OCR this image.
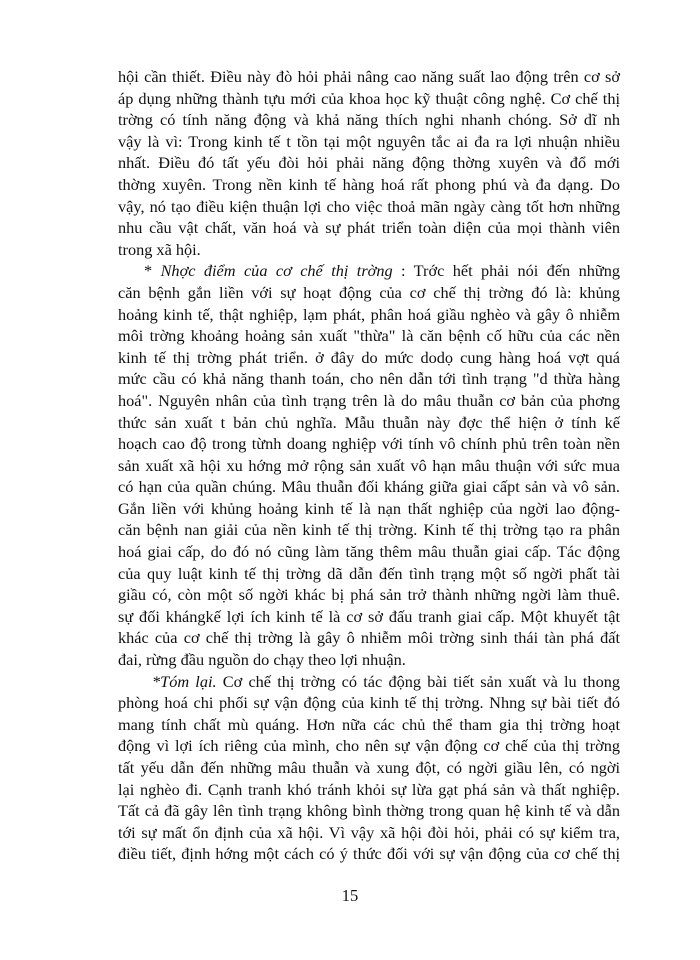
hội cần thiết. Điều này đò hỏi phải nâng cao năng suất lao động trên cơ sở
áp dụng những thành tựu mới của khoa học kỹ thuật công nghệ. Cơ chế thị
trờng có tính năng động và khả năng thích nghi nhanh chóng. Sở dĩ nh
vậy là vì: Trong kinh tế t tồn tại một nguyên tắc ai đa ra lợi nhuận nhiều
nhất. Điều đó tất yếu đòi hỏi phải năng động thờng xuyên và đổ mới
thờng xuyên. Trong nền kinh tế hàng hoá rất phong phú và đa dạng. Do
vậy, nó tạo điều kiện thuận lợi cho việc thoả mãn ngày càng tốt hơn những
nhu cầu vật chất, văn hoá và sự phát triển toàn diện của mọi thành viên
trong xã hội.
* Nhợc điểm của cơ chế thị trờng : Trớc hết phải nói đến những
căn bệnh gắn liền với sự hoạt động của cơ chế thị trờng đó là: khủng
hoảng kinh tế, thật nghiệp, lạm phát, phân hoá giầu nghèo và gây ô nhiễm
môi trờng khoảng hoảng sản xuất "thừa" là căn bệnh cố hữu của các nền
kinh tế thị trờng phát triển. ở đây do mức dodọ cung hàng hoá vợt quá
mức cầu có khả năng thanh toán, cho nên dẫn tới tình trạng "d thừa hàng
hoá". Nguyên nhân của tình trạng trên là do mâu thuẫn cơ bản của phơng
thức sản xuất t bản chủ nghĩa. Mẫu thuẫn này đợc thể hiện ở tính kế
hoạch cao độ trong từnh doang nghiệp với tính vô chính phủ trên toàn nền
sản xuất xã hội xu hớng mở rộng sản xuất vô hạn mâu thuận với sức mua
có hạn của quần chúng. Mâu thuẫn đối kháng giữa giai cấpt sản và vô sản.
Gắn liền với khủng hoảng kinh tế là nạn thất nghiệp của ngời lao động-
căn bệnh nan giải của nền kinh tế thị trờng. Kinh tế thị trờng tạo ra phân
hoá giai cấp, do đó nó cũng làm tăng thêm mâu thuẫn giai cấp. Tác động
của quy luật kinh tế thị trờng dã dẫn đến tình trạng một số ngời phất tài
giầu có, còn một số ngời khác bị phá sản trở thành những ngời làm thuê.
sự đối khángkế lợi ích kinh tế là cơ sở đấu tranh giai cấp. Một khuyết tật
khác của cơ chế thị trờng là gây ô nhiễm môi trờng sinh thái tàn phá đất
đai, rừng đầu nguồn do chạy theo lợi nhuận.
*Tóm lại. Cơ chế thị trờng có tác động bài tiết sản xuất và lu thong
phòng hoá chi phối sự vận động của kinh tế thị trờng. Nhng sự bài tiết đó
mang tính chất mù quáng. Hơn nữa các chủ thể tham gia thị trờng hoạt
động vì lợi ích riêng của mình, cho nên sự vận động cơ chế của thị trờng
tất yếu dẫn đến những mâu thuẫn và xung đột, có ngời giầu lên, có ngời
lại nghèo đi. Cạnh tranh khó tránh khỏi sự lừa gạt phá sản và thất nghiệp.
Tất cả đã gây lên tình trạng không bình thờng trong quan hệ kinh tế và dẫn
tới sự mất ổn định của xã hội. Vì vậy xã hội đòi hỏi, phải có sự kiểm tra,
điều tiết, định hớng một cách có ý thức đối với sự vận động của cơ chế thị
15
